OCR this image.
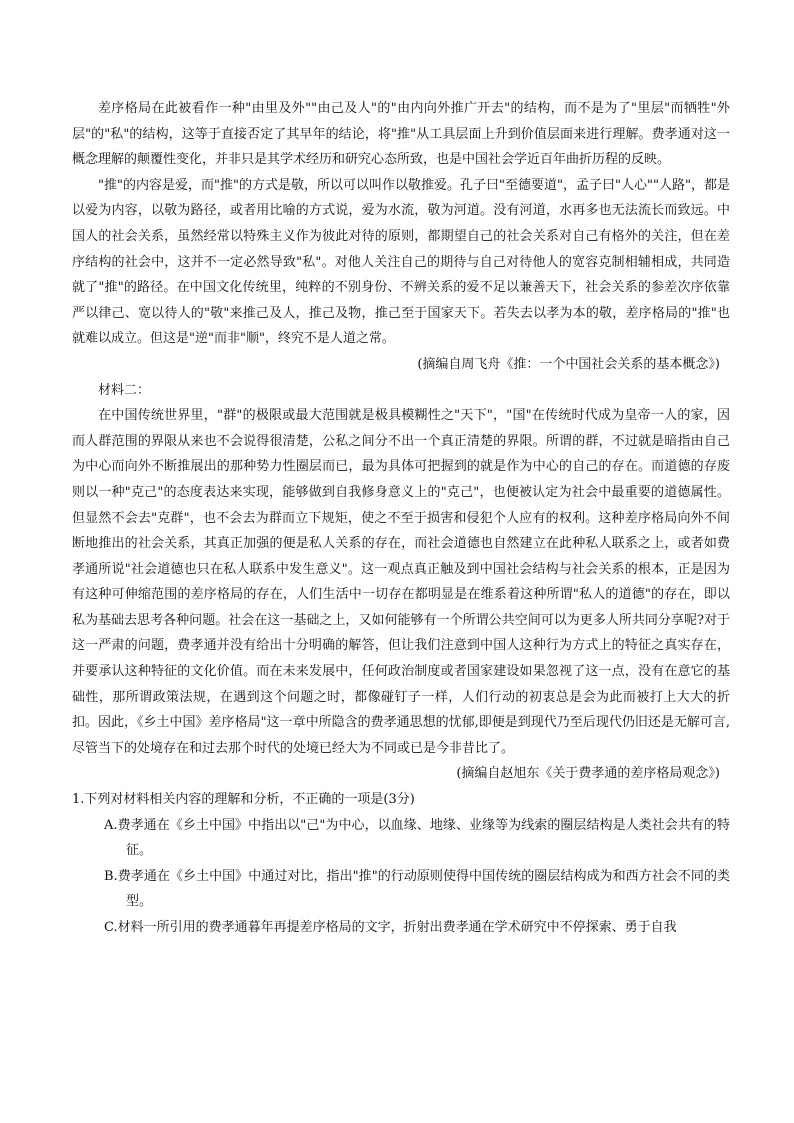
差序格局在此被看作一种"由里及外""由己及人"的"由内向外推广开去"的结构，而不是为了"里层"而牺牲"外层"的"私"的结构，这等于直接否定了其早年的结论，将"推"从工具层面上升到价值层面来进行理解。费孝通对这一概念理解的颠覆性变化，并非只是其学术经历和研究心态所致，也是中国社会学近百年曲折历程的反映。

"推"的内容是爱，而"推"的方式是敬，所以可以叫作以敬推爱。孔子曰"至德要道"，孟子曰"人心""人路"，都是以爱为内容，以敬为路径，或者用比喻的方式说，爱为水流，敬为河道。没有河道，水再多也无法流长而致远。中国人的社会关系，虽然经常以特殊主义作为彼此对待的原则，都期望自己的社会关系对自己有格外的关注，但在差序结构的社会中，这并不一定必然导致"私"。对他人关注自己的期待与自己对待他人的宽容克制相辅相成，共同造就了"推"的路径。在中国文化传统里，纯粹的不别身份、不辨关系的爱不足以兼善天下，社会关系的参差次序依靠严以律己、宽以待人的"敬"来推己及人，推己及物，推己至于国家天下。若失去以孝为本的敬，差序格局的"推"也就难以成立。但这是"逆"而非"顺"，终究不是人道之常。

(摘编自周飞舟《推：一个中国社会关系的基本概念》)

材料二：

在中国传统世界里，"群"的极限或最大范围就是极具模糊性之"天下"，"国"在传统时代成为皇帝一人的家，因而人群范围的界限从来也不会说得很清楚，公私之间分不出一个真正清楚的界限。所谓的群，不过就是暗指由自己为中心而向外不断推展出的那种势力性圈层而已，最为具体可把握到的就是作为中心的自己的存在。而道德的存废则以一种"克己"的态度表达来实现，能够做到自我修身意义上的"克己"，也便被认定为社会中最重要的道德属性。但显然不会去"克群"，也不会去为群而立下规矩，使之不至于损害和侵犯个人应有的权利。这种差序格局向外不间断地推出的社会关系，其真正加强的便是私人关系的存在，而社会道德也自然建立在此种私人联系之上，或者如费孝通所说"社会道德也只在私人联系中发生意义"。这一观点真正触及到中国社会结构与社会关系的根本，正是因为有这种可伸缩范围的差序格局的存在，人们生活中一切存在都明显是在维系着这种所谓"私人的道德"的存在，即以私为基础去思考各种问题。社会在这一基础之上，又如何能够有一个所谓公共空间可以为更多人所共同分享呢?对于这一严肃的问题，费孝通并没有给出十分明确的解答，但让我们注意到中国人这种行为方式上的特征之真实存在，并要承认这种特征的文化价值。而在未来发展中，任何政治制度或者国家建设如果忽视了这一点，没有在意它的基础性，那所谓政策法规，在遇到这个问题之时，都像碰钉子一样，人们行动的初衷总是会为此而被打上大大的折扣。因此，《乡土中国》差序格局"这一章中所隐含的费孝通思想的忧郁,即便是到现代乃至后现代仍旧还是无解可言,尽管当下的处境存在和过去那个时代的处境已经大为不同或已是今非昔比了。

(摘编自赵旭东《关于费孝通的差序格局观念》)

1.下列对材料相关内容的理解和分析，不正确的一项是(3分)

A.费孝通在《乡土中国》中指出以"己"为中心，以血缘、地缘、业缘等为线索的圈层结构是人类社会共有的特征。

B.费孝通在《乡土中国》中通过对比，指出"推"的行动原则使得中国传统的圈层结构成为和西方社会不同的类型。

C.材料一所引用的费孝通暮年再提差序格局的文字，折射出费孝通在学术研究中不停探索、勇于自我
